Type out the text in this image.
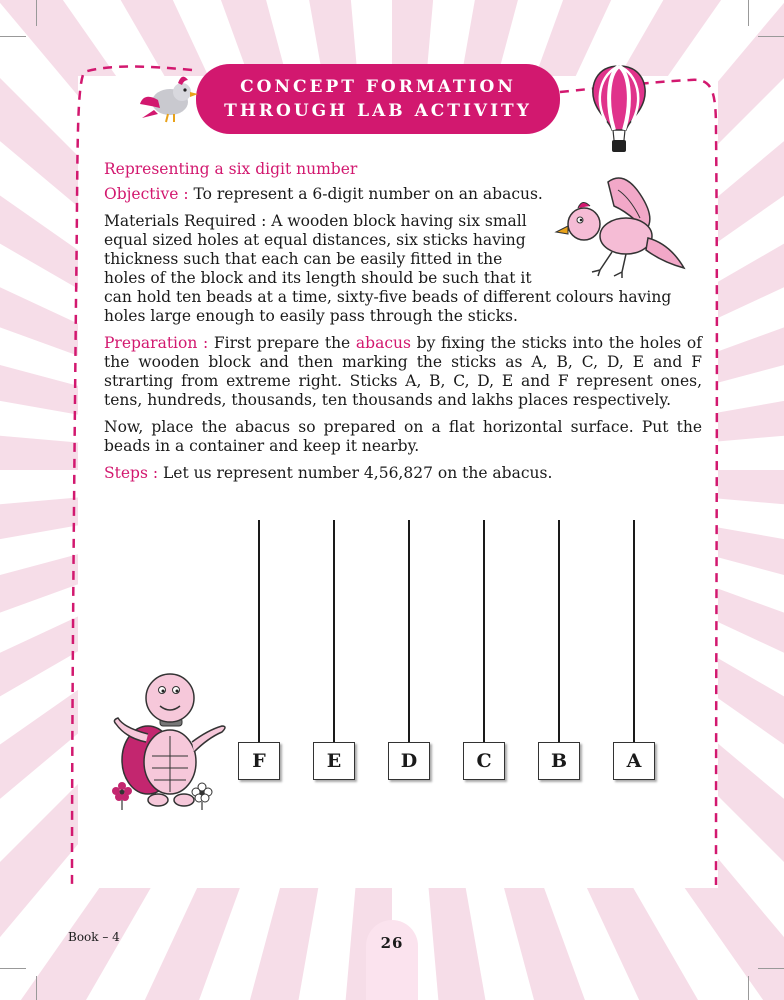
CONCEPT FORMATION
THROUGH LAB ACTIVITY

Representing a six digit number

Objective : To represent a 6-digit number on an abacus.

Materials Required : A wooden block having six small equal sized holes at equal distances, six sticks having thickness such that each can be easily fitted in the holes of the block and its length should be such that it can hold ten beads at a time, sixty-five beads of different colours having holes large enough to easily pass through the sticks.

Preparation : First prepare the abacus by fixing the sticks into the holes of the wooden block and then marking the sticks as A, B, C, D, E and F strarting from extreme right. Sticks A, B, C, D, E and F represent ones, tens, hundreds, thousands, ten thousands and lakhs places respectively.

Now, place the abacus so prepared on a flat horizontal surface. Put the beads in a container and keep it nearby.

Steps : Let us represent number 4,56,827 on the abacus.

F	E	D	C	B	A
Book – 4	26
